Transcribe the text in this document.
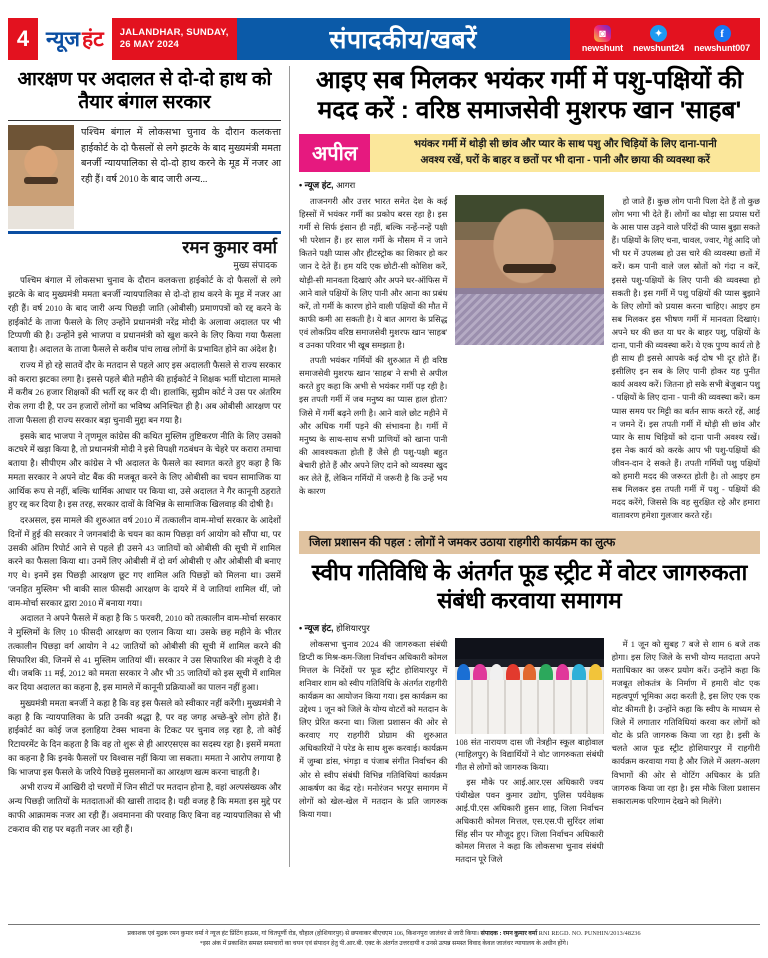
4 न्यूज हंट JALANDHAR, SUNDAY,
26 MAY 2024	संपादकीय/खबरें	◙
newshunt
✦
newshunt24
f
newshunt007
आरक्षण पर अदालत से दो-दो हाथ को तैयार बंगाल सरकार
पश्चिम बंगाल में लोकसभा चुनाव के दौरान कलकत्ता हाईकोर्ट के दो फैसलों से लगे झटके के बाद मुख्यमंत्री ममता बनर्जी न्यायपालिका से दो-दो हाथ करने के मूड में नजर आ रही हैं। वर्ष 2010 के बाद जारी अन्य...
रमन कुमार वर्मा
मुख्य संपादक

पश्चिम बंगाल में लोकसभा चुनाव के दौरान कलकत्ता हाईकोर्ट के दो फैसलों से लगे झटके के बाद मुख्यमंत्री ममता बनर्जी न्यायपालिका से दो-दो हाथ करने के मूड में नजर आ रही हैं। वर्ष 2010 के बाद जारी अन्य पिछड़ी जाति (ओबीसी) प्रमाणपत्रों को रद्द करने के हाईकोर्ट के ताजा फैसले के लिए उन्होंने प्रधानमंत्री नरेंद्र मोदी के अलावा अदालत पर भी टिप्पणी की है। उन्होंने इसे भाजपा व प्रधानमंत्री को खुश करने के लिए किया गया फैसला बताया है। अदालत के ताजा फैसले से करीब पांच लाख लोगों के प्रभावित होने का अंदेश है।

राज्य में हो रहे सातवें दौर के मतदान से पहले आए इस अदालती फैसले से राज्य सरकार को करारा झटका लगा है। इससे पहले बीते महीने की हाईकोर्ट ने शिक्षक भर्ती घोटाला मामले में करीब 26 हजार शिक्षकों की भर्ती रद्द कर दी थी। हालांकि, सुप्रीम कोर्ट ने उस पर अंतरिम रोक लगा दी है, पर उन हजारों लोगों का भविष्य अनिश्चित ही है। अब ओबीसी आरक्षण पर ताजा फैसला ही राज्य सरकार बड़ा चुनावी मुद्दा बन गया है।

इसके बाद भाजपा ने तृणमूल कांग्रेस की कथित मुस्लिम तुष्टिकरण नीति के लिए उसको कटघरे में खड़ा किया है, तो प्रधानमंत्री मोदी ने इसे विपक्षी गठबंधन के चेहरे पर करारा तमाचा बताया है। सीपीएम और कांग्रेस ने भी अदालत के फैसले का स्वागत करते हुए कहा है कि ममता सरकार ने अपने वोट बैंक की मजबूत करने के लिए ओबीसी का चयन सामाजिक या आर्थिक रूप से नहीं, बल्कि धार्मिक आधार पर किया था, उसे अदालत ने गैर कानूनी ठहराते हुए रद्द कर दिया है। इस तरह, सरकार दावों के विभिन्न के सामाजिक खिलवाड़ की दोषी है।

दरअसल, इस मामले की शुरुआत वर्ष 2010 में तत्कालीन वाम-मोर्चा सरकार के आदेशों दिनों में हुई की सरकार ने जगनबांदी के चयन का काम पिछड़ा वर्ग आयोग को सौंपा था, पर उसकी अंतिम रिपोर्ट आने से पहले ही उसने 43 जातियों को ओबीसी की सूची में शामिल करने का फैसला किया था। उनमें लिए ओबीसी में दो वर्ग ओबीसी ए और ओबीसी बी बनाए गए थे। इनमें इस पिछड़ी आरक्षण छूट गए शामिल अति पिछड़ों को मिलना था। उसमें 'जनहित मुस्लिम' भी बाकी साल फीसदी आरक्षण के दायरे में वे जातियां शामिल थीं, जो वाम-मोर्चा सरकार द्वारा 2010 में बनाया गया।

अदालत ने अपने फैसले में कहा है कि 5 फरवरी, 2010 को तत्कालीन वाम-मोर्चा सरकार ने मुस्लिमों के लिए 10 फीसदी आरक्षण का एलान किया था। उसके छह महीने के भीतर तत्कालीन पिछड़ा वर्ग आयोग ने 42 जातियों को ओबीसी की सूची में शामिल करने की सिफारिश की, जिनमें से 41 मुस्लिम जातियां थीं। सरकार ने उस सिफारिश की मंजूरी दे दी थी। जबकि 11 मई, 2012 को ममता सरकार ने और भी 35 जातियों को इस सूची में शामिल कर दिया अदालत का कहना है, इस मामले में कानूनी प्रक्रियाओं का पालन नहीं हुआ।

मुख्यमंत्री ममता बनर्जी ने कहा है कि वह इस फैसले को स्वीकार नहीं करेंगी। मुख्यमंत्री ने कहा है कि न्यायपालिका के प्रति उनकी श्रद्धा है, पर वह जगह अच्छे-बुरे लोग होते हैं। हाईकोर्ट का कोई जज इलाहिया टेक्स भावना के टिकट पर चुनाव लड़ रहा है, तो कोई रिटायरमेंट के दिन कहता है कि वह तो शुरू से ही आरएसएस का सदस्य रहा है। इसमें ममता का कहना है कि इनके फैसलों पर विश्वास नहीं किया जा सकता। ममता ने आरोप लगाया है कि भाजपा इस फैसले के जरिये पिछड़े मुसलमानों का आरक्षण खत्म करना चाहती है।

अभी राज्य में आखिरी दो चरणों में जिन सीटों पर मतदान होना है, वहां अल्पसंख्यक और अन्य पिछड़ी जातियों के मतदाताओं की खासी तादाद है। यही वजह है कि ममता इस मुद्दे पर काफी आक्रामक नजर आ रही हैं। अवमानना की परवाह किए बिना वह न्यायपालिका से भी टकराव की राह पर बढ़ती नजर आ रही हैं।

आइए सब मिलकर भयंकर गर्मी में पशु-पक्षियों की मदद करें : वरिष्ठ समाजसेवी मुशरफ खान 'साहब'
अपील	भयंकर गर्मी में थोड़ी सी छांव और प्यार के साथ पशु और चिड़ियों के लिए दाना-पानी
अवश्य रखें, घरों के बाहर व छतों पर भी दाना - पानी और छाया की व्यवस्था करें
• न्यूज हंट, आगरा

ताजनगरी और उत्तर भारत समेत देश के कई हिस्सों में भयंकर गर्मी का प्रकोप बरस रहा है। इस गर्मी से सिर्फ इंसान ही नहीं, बल्कि नन्हें-नन्हें पक्षी भी परेशान हैं। हर साल गर्मी के मौसम में न जाने कितने पक्षी प्यास और हीटस्ट्रोक का शिकार हो कर जान दे देते हैं। हम यदि एक छोटी-सी कोशिश करें, थोड़ी-सी मानवता दिखाएं और अपने घर-ऑफिस में आने वाले पक्षियों के लिए पानी और आना का प्रबंध करें, तो गर्मी के कारण होने वाली पक्षियों की मौत में काफी कमी आ सकती है। ये बात आगरा के प्रसिद्ध एवं लोकप्रिय वरिष्ठ समाजसेवी मुशरफ खान 'साहब' व उनका परिवार भी खूब समझता है।

तपती भयंकर गर्मियों की शुरुआत में ही वरिष्ठ समाजसेवी मुशरफ खान 'साहब' ने सभी से अपील करते हुए कहा कि अभी से भयंकर गर्मी पड़ रही है। इस तपती गर्मी में जब मनुष्य का प्यास हाल होता? जिसे में गर्मी बढ़ने लगी है। आने वाले छोट महीने में और अधिक गर्मी पड़ने की संभावना है। गर्मी में मनुष्य के साथ-साथ सभी प्राणियों को खाना पानी की आवश्यकता होती हैं जैसे ही पशु-पक्षी बहुत बेचारी होते हैं और अपने लिए दाने को व्यवस्था खुद कर लेते हैं, लेकिन गर्मियों में जरूरी है कि उन्हें भय के कारण

हो जाते हैं। कुछ लोग पानी पिला देते हैं तो कुछ लोग भगा भी देते हैं। लोगों का थोड़ा सा प्रयास घरों के आस पास उड़ने वाले परिंदों की प्यास बुझा सकते हैं। पक्षियों के लिए चना, चावल, ज्वार, गेहूं आदि जो भी घर में उपलब्ध हो उस चारे की व्यवस्था छतों में करें। कम पानी वाले जल स्रोतों को गंदा न करें, इससे पशु-पक्षियों के लिए पानी की व्यवस्था हो सकती है। इस गर्मी में पशु पक्षियों की प्यास बुझाने के लिए लोगों को प्रयास करना चाहिए। आइए हम सब मिलकर इस भीषण गर्मी में मानवता दिखाएं। अपने घर की छत या घर के बाहर पशु, पक्षियों के दाना, पानी की व्यवस्था करें। ये एक पुण्य कार्य तो है ही साथ ही इससे आपके कई दोष भी दूर होते हैं। इसीलिए इन सब के लिए पानी होकर यह पुनीत कार्य अवश्य करें। जितना हो सके सभी बेजुबान पशु - पक्षियों के लिए दाना - पानी की व्यवस्था करें। कम प्यास समय पर मिट्टी का बर्तन साफ करते रहें, आई न जमने दें। इस तपती गर्मी में थोड़ी सी छांव और प्यार के साथ चिड़ियों को दाना पानी अवश्य रखें। इस नेक कार्य को करके आप भी पशु-पक्षियों की जीवन-दान दे सकते हैं। तपती गर्मियों पशु पक्षियों को हमारी मदद की जरूरत होती है। तो आइए हम सब मिलकर इस तपती गर्मी में पशु - पक्षियों की मदद करेंगे, जिससे कि वह सुरक्षित रहे और हमारा वातावरण हमेशा गुलजार करते रहें।

जिला प्रशासन की पहल : लोगों ने जमकर उठाया राहगीरी कार्यक्रम का लुत्फ
स्वीप गतिविधि के अंतर्गत फूड स्ट्रीट में वोटर जागरुकता संबंधी करवाया समागम
• न्यूज हंट, होशियारपुर

लोकसभा चुनाव 2024 की जागरुकता संबंधी डिप्टी क मिश्र-कम-जिला निर्वाचन अधिकारी कोमल मित्तल के निर्देशों पर फूड स्ट्रीट होशियारपुर में शनिवार शाम को स्वीप गतिविधि के अंतर्गत राहगीरी कार्यक्रम का आयोजन किया गया। इस कार्यक्रम का उद्देश्य 1 जून को जिले के योग्य वोटरों को मतदान के लिए प्रेरित करना था। जिला प्रशासन की ओर से करवाए गए राहगीरी प्रोग्राम की शुरुआत अधिकारियों ने परेड के साथ शुरू करवाई। कार्यक्रम में जुम्बा डांस, भंगड़ा व पंजाब संगीत निर्वाचन की ओर से स्वीप संबंधी विभिन्न गतिविधियां कार्यक्रम आकर्षण का केंद्र रहे। मनोरंजन भरपूर समागम में लोगों को खेल-खेल में मतदान के प्रति जागरुक किया गया।

108 संत नारायण दास जी नेत्रहीन स्कूल बाहोवाल (माहिलपुर) के विद्यार्थियों ने वोट जागरुकता संबंधी गीत से लोगों को जागरुक किया।

इस मौके पर आई.आर.एस अधिकारी ज्वय पंथीखेल पवन कुमार उद्योग, पुलिस पर्यवेक्षक आई.पी.एस अधिकारी हुसन शाह, जिला निर्वाचन अधिकारी कोमल मित्तल, एस.एस.पी सुरिंदर लांबा सिंह सीन पर मौजूद हुए। जिला निर्वाचन अधिकारी कोमल मित्तल ने कहा कि लोकसभा चुनाव संबंधी मतदान पूरे जिले

में 1 जून को सुबह 7 बजे से शाम 6 बजे तक होगा। इस लिए जिले के सभी योग्य मतदाता अपने मताधिकार का जरूर प्रयोग करें। उन्होंने कहा कि मजबूत लोकतंत्र के निर्माण में हमारी वोट एक महत्वपूर्ण भूमिका अदा करती है, इस लिए एक एक वोट कीमती है। उन्होंने कहा कि स्वीप के माध्यम से जिले में लगातार गतिविधियां करवा कर लोगों को वोट के प्रति जागरुक किया जा रहा है। इसी के चलते आज फूड स्ट्रीट होशियारपुर में राहगीरी कार्यक्रम करवाया गया है और जिले में अलग-अलग विभागों की ओर से वोटिंग अधिकार के प्रति जागरुक किया जा रहा है। इस मौके जिला प्रशासन सकारात्मक परिणाम देखने को मिलेंगे।

प्रकाशक एवं मुद्रक रमन कुमार वर्मा ने न्यूज हंट प्रिंटिंग हाऊस, गां चितपूर्णी रोड, चौहाल (होशियारपुर) से छपवाकर बीएचएम 106, किशनपुरा जालंधर से जारी किया। संपादक : रमन कुमार वर्मा RNI REGD. NO. PUNHIN/2013/48236
*इस अंक में प्रकाशित समस्त समाचारों का चयन एवं संपादन हेतु पी.आर.बी. एक्ट के अंतर्गत उत्तरदायी व उनसे उत्पन्न समस्त विवाद केवल जालंधर न्यायालय के अधीन होंगे।
